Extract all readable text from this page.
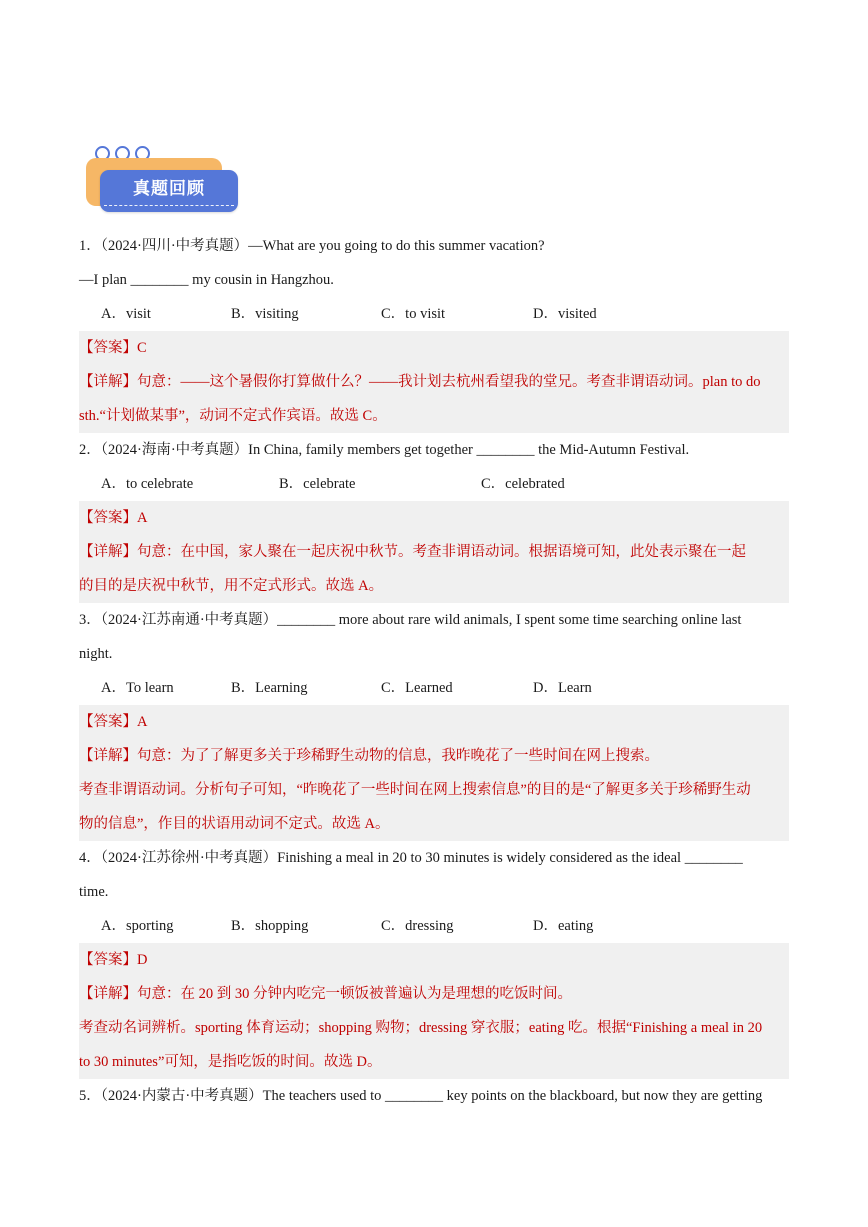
真题回顾
1．（2024·四川·中考真题）—What are you going to do this summer vacation?
—I plan ________ my cousin in Hangzhou.
A．visit	B．visiting	C．to visit	D．visited
【答案】C
【详解】句意：——这个暑假你打算做什么？——我计划去杭州看望我的堂兄。考查非谓语动词。plan to do
sth.“计划做某事”，动词不定式作宾语。故选 C。
2．（2024·海南·中考真题）In China, family members get together ________ the Mid-Autumn Festival.
A．to celebrate	B．celebrate	C．celebrated
【答案】A
【详解】句意：在中国，家人聚在一起庆祝中秋节。考查非谓语动词。根据语境可知，此处表示聚在一起
的目的是庆祝中秋节，用不定式形式。故选 A。
3．（2024·江苏南通·中考真题）________ more about rare wild animals, I spent some time searching online last
night.
A．To learn	B．Learning	C．Learned	D．Learn
【答案】A
【详解】句意：为了了解更多关于珍稀野生动物的信息，我昨晚花了一些时间在网上搜索。
考查非谓语动词。分析句子可知，“昨晚花了一些时间在网上搜索信息”的目的是“了解更多关于珍稀野生动
物的信息”，作目的状语用动词不定式。故选 A。
4．（2024·江苏徐州·中考真题）Finishing a meal in 20 to 30 minutes is widely considered as the ideal ________
time.
A．sporting	B．shopping	C．dressing	D．eating
【答案】D
【详解】句意：在 20 到 30 分钟内吃完一顿饭被普遍认为是理想的吃饭时间。
考查动名词辨析。sporting 体育运动；shopping 购物；dressing 穿衣服；eating 吃。根据“Finishing a meal in 20
to 30 minutes”可知，是指吃饭的时间。故选 D。
5．（2024·内蒙古·中考真题）The teachers used to ________ key points on the blackboard, but now they are getting
